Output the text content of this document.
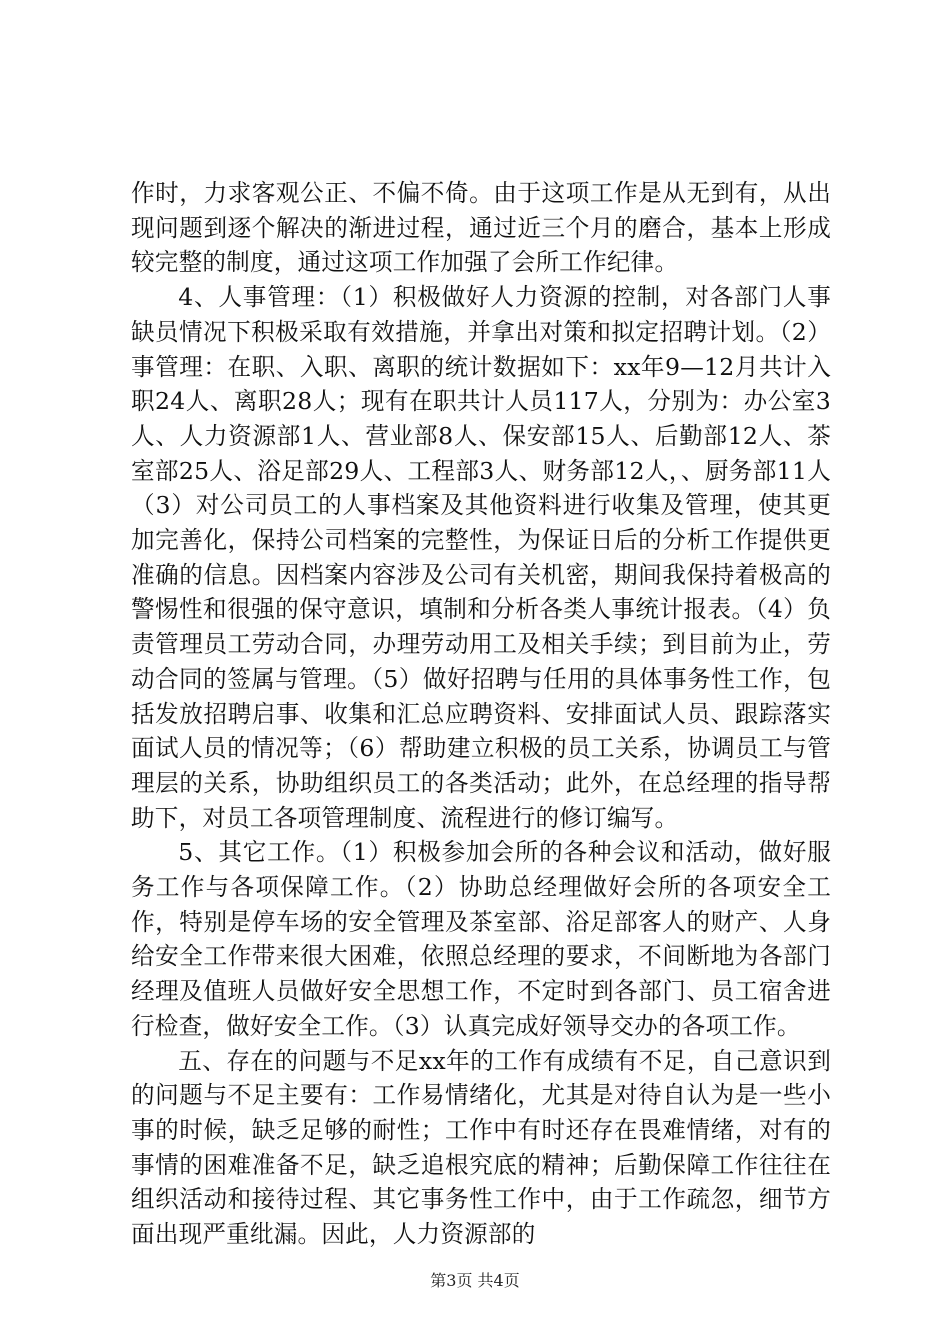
作时，力求客观公正、不偏不倚。由于这项工作是从无到有，从出现问题到逐个解决的渐进过程，通过近三个月的磨合，基本上形成较完整的制度，通过这项工作加强了会所工作纪律。

4、人事管理：（1）积极做好人力资源的控制，对各部门人事缺员情况下积极采取有效措施，并拿出对策和拟定招聘计划。（2）事管理：在职、入职、离职的统计数据如下：xx年9—12月共计入职24人、离职28人；现有在职共计人员117人，分别为：办公室3人、人力资源部1人、营业部8人、保安部15人、后勤部12人、茶室部25人、浴足部29人、工程部3人、财务部12人，、厨务部11人（3）对公司员工的人事档案及其他资料进行收集及管理，使其更加完善化，保持公司档案的完整性，为保证日后的分析工作提供更准确的信息。因档案内容涉及公司有关机密，期间我保持着极高的警惕性和很强的保守意识，填制和分析各类人事统计报表。（4）负责管理员工劳动合同，办理劳动用工及相关手续；到目前为止，劳动合同的签属与管理。（5）做好招聘与任用的具体事务性工作，包括发放招聘启事、收集和汇总应聘资料、安排面试人员、跟踪落实面试人员的情况等；（6）帮助建立积极的员工关系，协调员工与管理层的关系，协助组织员工的各类活动；此外，在总经理的指导帮助下，对员工各项管理制度、流程进行的修订编写。

5、其它工作。（1）积极参加会所的各种会议和活动，做好服务工作与各项保障工作。（2）协助总经理做好会所的各项安全工作，特别是停车场的安全管理及茶室部、浴足部客人的财产、人身给安全工作带来很大困难，依照总经理的要求，不间断地为各部门经理及值班人员做好安全思想工作，不定时到各部门、员工宿舍进行检查，做好安全工作。（3）认真完成好领导交办的各项工作。

五、存在的问题与不足xx年的工作有成绩有不足，自己意识到的问题与不足主要有：工作易情绪化，尤其是对待自认为是一些小事的时候，缺乏足够的耐性；工作中有时还存在畏难情绪，对有的事情的困难准备不足，缺乏追根究底的精神；后勤保障工作往往在组织活动和接待过程、其它事务性工作中，由于工作疏忽，细节方面出现严重纰漏。因此，人力资源部的

第3页 共4页
